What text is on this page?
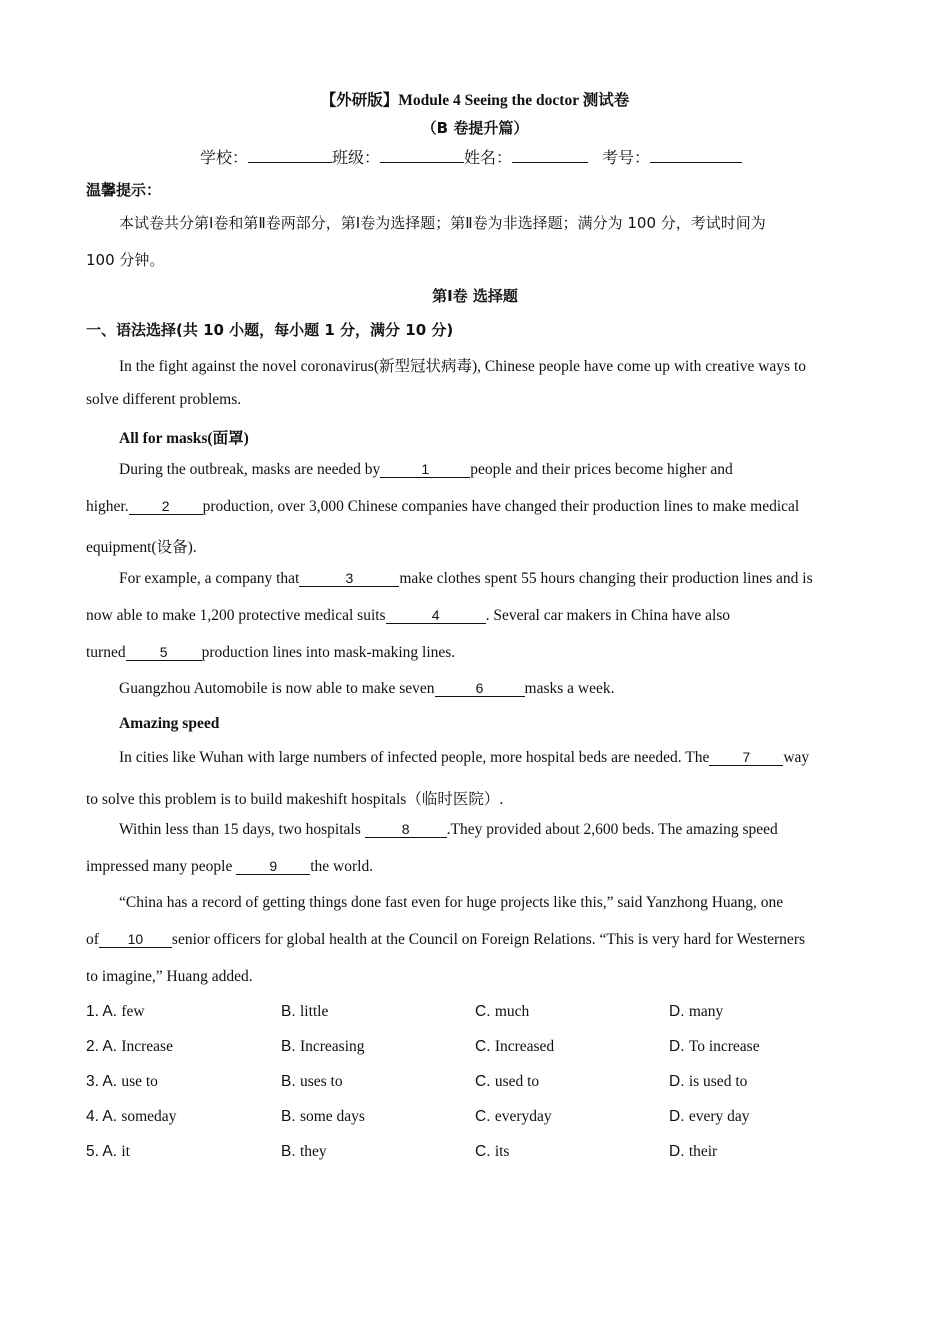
【外研版】Module 4 Seeing the doctor 测试卷
（B 卷提升篇）
学校：	班级：	姓名：	考号：
温馨提示：
本试卷共分第Ⅰ卷和第Ⅱ卷两部分，第Ⅰ卷为选择题；第Ⅱ卷为非选择题；满分为 100 分，考试时间为
100 分钟。
第Ⅰ卷 选择题
一、语法选择(共 10 小题，每小题 1 分，满分 10 分)
In the fight against the novel coronavirus(新型冠状病毒), Chinese people have come up with creative ways to
solve different problems.
All for masks(面罩)
During the outbreak, masks are needed by	1	people and their prices become higher and
higher. 2 production, over 3,000 Chinese companies have changed their production lines to make medical
equipment(设备).
For example, a company that	3	make clothes spent 55 hours changing their production lines and is
now able to make 1,200 protective medical suits	4	. Several car makers in China have also
turned 5 production lines into mask-making lines.
Guangzhou Automobile is now able to make seven	6	masks a week.
Amazing speed
In cities like Wuhan with large numbers of infected people, more hospital beds are needed. The 7 way
to solve this problem is to build makeshift hospitals（临时医院）.
Within less than 15 days, two hospitals	8 .They provided about 2,600 beds. The amazing speed
impressed many people 9 the world.
“China has a record of getting things done fast even for huge projects like this,” said Yanzhong Huang, one
of 10 senior officers for global health at the Council on Foreign Relations. “This is very hard for Westerners
to imagine,” Huang added.
1. A. few	B. little	C. much	D. many
2. A. Increase	B. Increasing	C. Increased	D. To increase
3. A. use to	B. uses to	C. used to	D. is used to
4. A. someday	B. some days	C. everyday	D. every day
5. A. it	B. they	C. its	D. their
